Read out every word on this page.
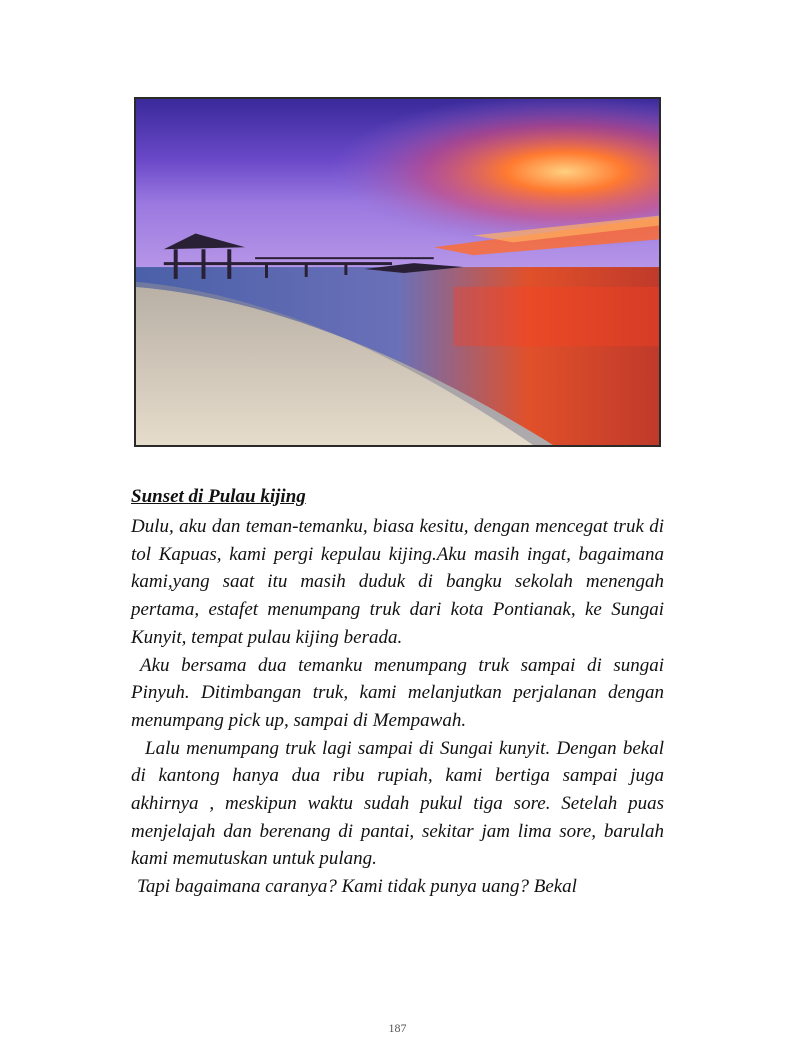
Sunset di Pulau kijing

Dulu, aku dan teman-temanku, biasa kesitu, dengan mencegat truk di tol Kapuas, kami pergi kepulau kijing.Aku masih ingat, bagaimana kami,yang saat itu masih duduk di bangku sekolah menengah pertama, estafet menumpang truk dari kota Pontianak, ke Sungai Kunyit, tempat pulau kijing berada.

Aku bersama dua temanku menumpang truk sampai di sungai Pinyuh. Ditimbangan truk, kami melanjutkan perjalanan dengan menumpang pick up, sampai di Mempawah.

Lalu menumpang truk lagi sampai di Sungai kunyit. Dengan bekal di kantong hanya dua ribu rupiah, kami bertiga sampai juga akhirnya , meskipun waktu sudah pukul tiga sore. Setelah puas menjelajah dan berenang di pantai, sekitar jam lima sore, barulah kami memutuskan untuk pulang.

Tapi bagaimana caranya? Kami tidak punya uang? Bekal

187
